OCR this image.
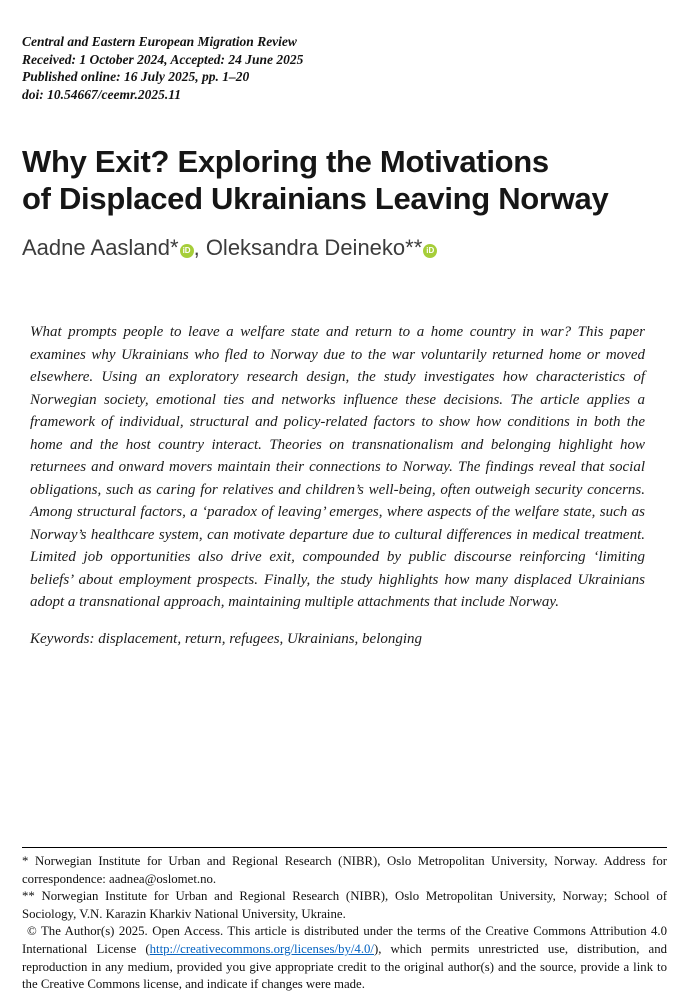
Central and Eastern European Migration Review
Received: 1 October 2024, Accepted: 24 June 2025
Published online: 16 July 2025, pp. 1–20
doi: 10.54667/ceemr.2025.11
Why Exit? Exploring the Motivations
of Displaced Ukrainians Leaving Norway
Aadne Aasland* iD , Oleksandra Deineko** iD

What prompts people to leave a welfare state and return to a home country in war? This paper examines why Ukrainians who fled to Norway due to the war voluntarily returned home or moved elsewhere. Using an exploratory research design, the study investigates how characteristics of Norwegian society, emotional ties and networks influence these decisions. The article applies a framework of individual, structural and policy-related factors to show how conditions in both the home and the host country interact. Theories on transnationalism and belonging highlight how returnees and onward movers maintain their connections to Norway. The findings reveal that social obligations, such as caring for relatives and children’s well-being, often outweigh security concerns. Among structural factors, a ‘paradox of leaving’ emerges, where aspects of the welfare state, such as Norway’s healthcare system, can motivate departure due to cultural differences in medical treatment. Limited job opportunities also drive exit, compounded by public discourse reinforcing ‘limiting beliefs’ about employment prospects. Finally, the study highlights how many displaced Ukrainians adopt a transnational approach, maintaining multiple attachments that include Norway.

Keywords: displacement, return, refugees, Ukrainians, belonging

* Norwegian Institute for Urban and Regional Research (NIBR), Oslo Metropolitan University, Norway. Address for correspondence: aadnea@oslomet.no.

** Norwegian Institute for Urban and Regional Research (NIBR), Oslo Metropolitan University, Norway; School of Sociology, V.N. Karazin Kharkiv National University, Ukraine.

© The Author(s) 2025. Open Access. This article is distributed under the terms of the Creative Commons Attribution 4.0 International License (http://creativecommons.org/licenses/by/4.0/), which permits unrestricted use, distribution, and reproduction in any medium, provided you give appropriate credit to the original author(s) and the source, provide a link to the Creative Commons license, and indicate if changes were made.
